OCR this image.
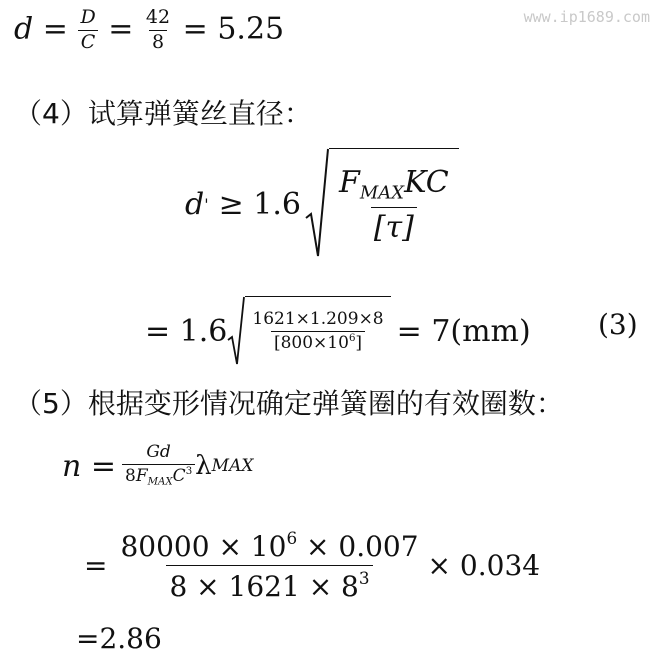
www.ip1689.com
$d = \frac{D}{C} = \frac{42}{8} = 5.25$
（4）试算弹簧丝直径：
d ' ≥ $1.6 \frac{F_{MAX}KC}{[\tau]}$
= $1.6 \frac{1621\times 1.209\times 8}{[800\times 10^6]} = 7(mm)$ (3)
（5）根据变形情况确定弹簧圈的有效圈数：
$n = \frac{Gd}{8F_{MAX}C^3}$ λ MAX
= $\frac{80000 \times 10^6 \times 0.007}{8 \times 1621 \times 8^3} \times 0.034$
=2.86
